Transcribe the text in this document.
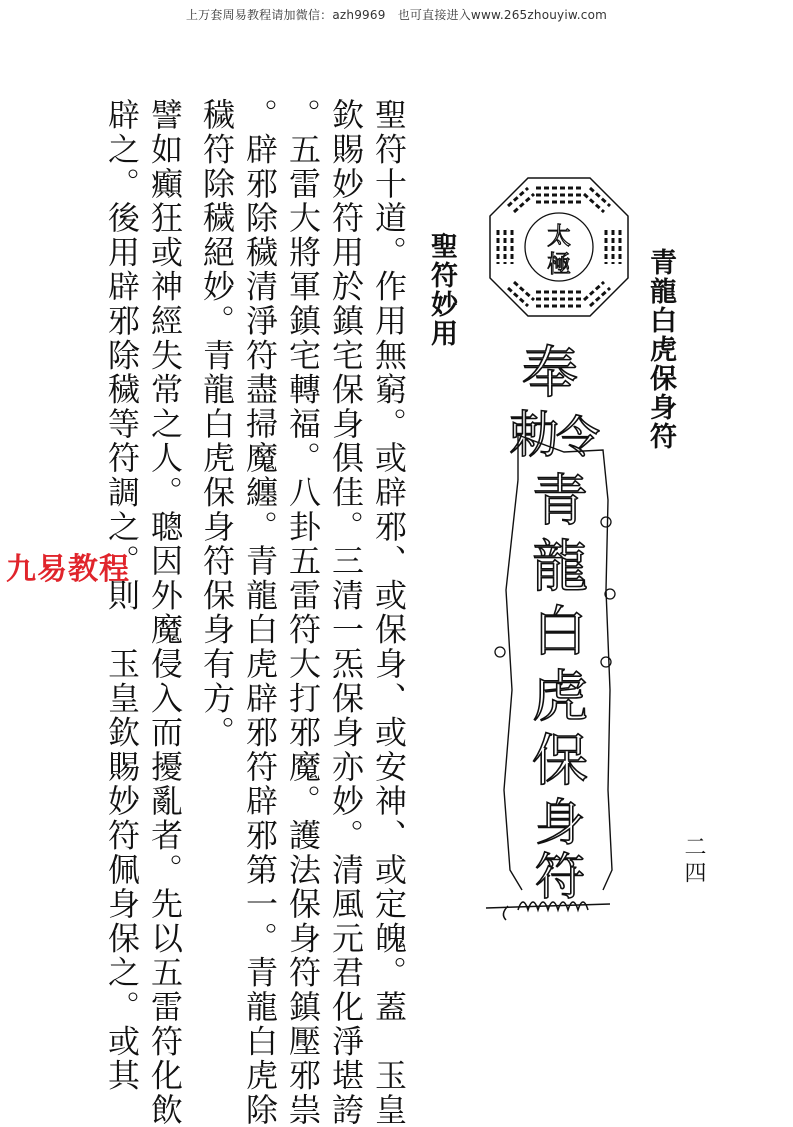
上万套周易教程请加微信：azh9969　也可直接进入www.265zhouyiw.com
青龍白虎保身符
聖符妙用	太
極
奉
勅
令
青
龍
白
虎
保
身
符
聖符十道。作用無窮。或辟邪、或保身、或安神、或定魄。蓋　玉皇
欽賜妙符用於鎮宅保身俱佳。三清一炁保身亦妙。清風元君化淨堪誇
。五雷大將軍鎮宅轉福。八卦五雷符大打邪魔。護法保身符鎮壓邪祟
。辟邪除穢清淨符盡掃魔纏。青龍白虎辟邪符辟邪第一。青龍白虎除
穢符除穢絕妙。青龍白虎保身符保身有方。
譬如癲狂或神經失常之人。聰因外魔侵入而擾亂者。先以五雷符化飲
辟之。後用辟邪除穢等符調之。則　玉皇欽賜妙符佩身保之。或其
九易教程
二四
